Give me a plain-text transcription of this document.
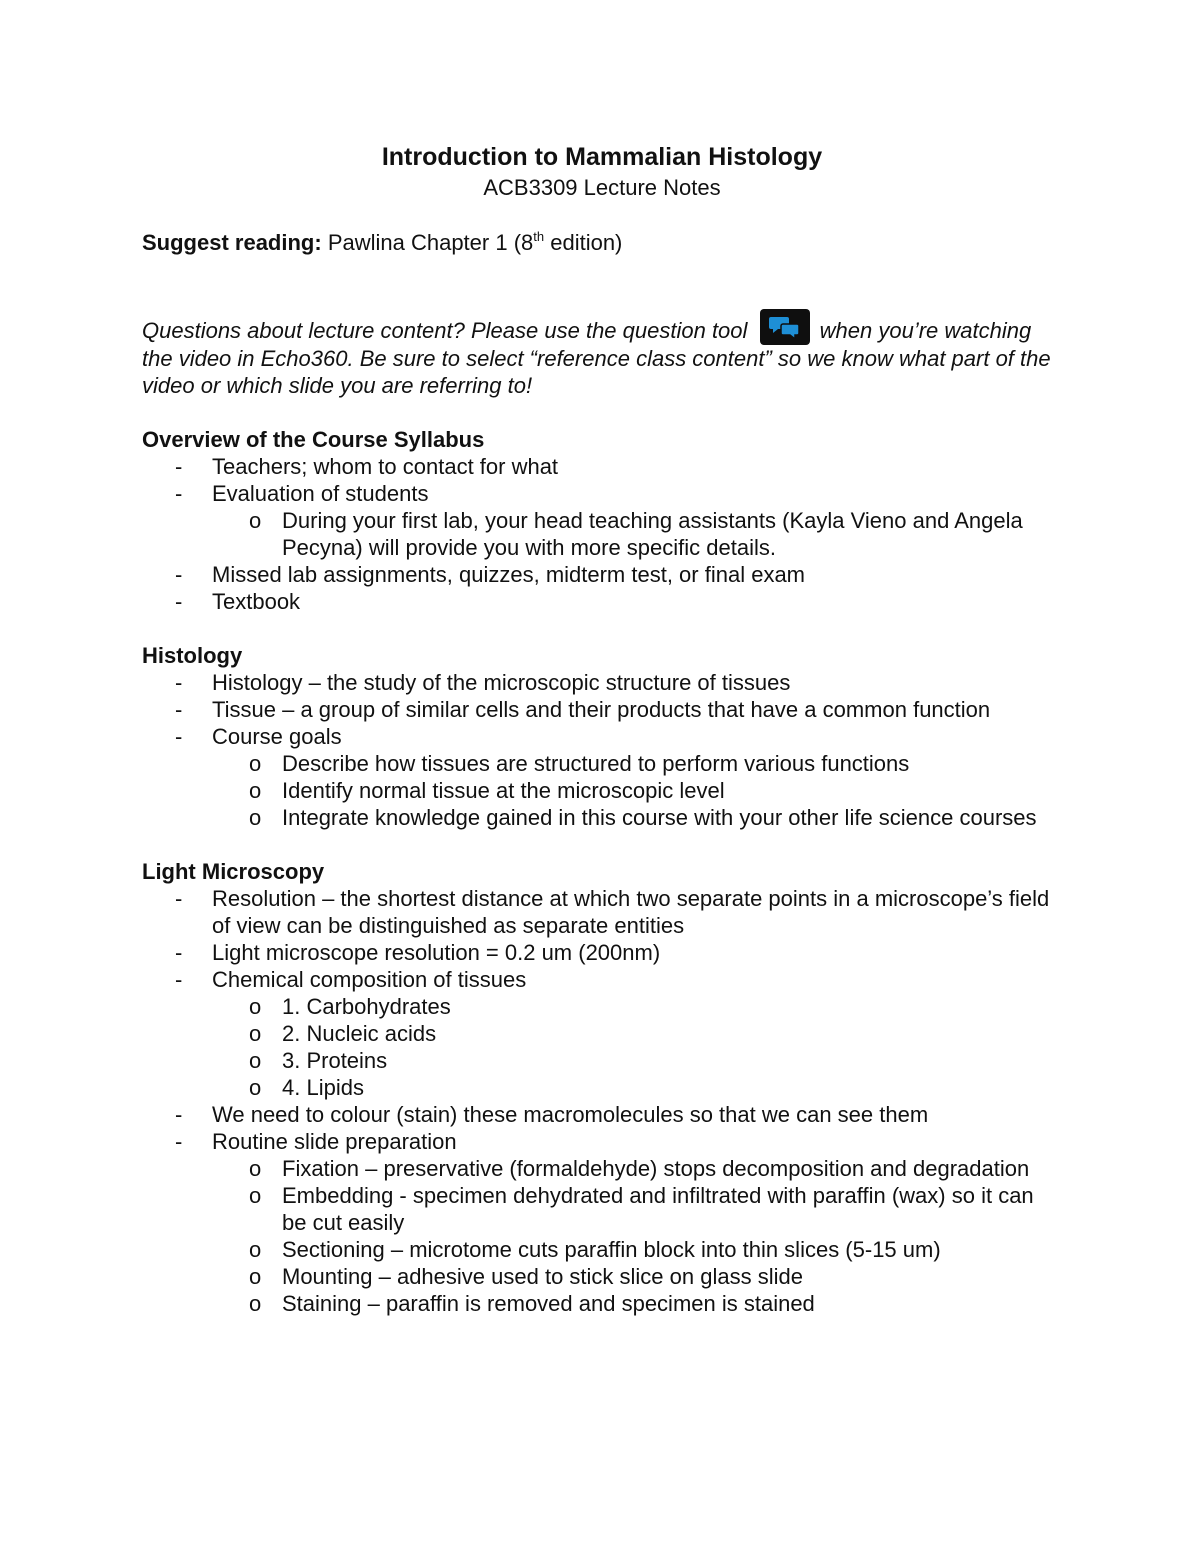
Introduction to Mammalian Histology

ACB3309 Lecture Notes

Suggest reading: Pawlina Chapter 1 (8th edition)
Questions about lecture content? Please use the question tool	when you’re watching the video in Echo360. Be sure to select “reference class content” so we know what part of the video or which slide you are referring to!
Overview of the Course Syllabus
- Teachers; whom to contact for what
- Evaluation of students
o During your first lab, your head teaching assistants (Kayla Vieno and Angela Pecyna) will provide you with more specific details.
- Missed lab assignments, quizzes, midterm test, or final exam
- Textbook
Histology
- Histology – the study of the microscopic structure of tissues
- Tissue – a group of similar cells and their products that have a common function
- Course goals
o Describe how tissues are structured to perform various functions
o Identify normal tissue at the microscopic level
o Integrate knowledge gained in this course with your other life science courses
Light Microscopy
- Resolution – the shortest distance at which two separate points in a microscope’s field of view can be distinguished as separate entities
- Light microscope resolution = 0.2 um (200nm)
- Chemical composition of tissues
o 1. Carbohydrates
o 2. Nucleic acids
o 3. Proteins
o 4. Lipids
- We need to colour (stain) these macromolecules so that we can see them
- Routine slide preparation
o Fixation – preservative (formaldehyde) stops decomposition and degradation
o Embedding - specimen dehydrated and infiltrated with paraffin (wax) so it can be cut easily
o Sectioning – microtome cuts paraffin block into thin slices (5-15 um)
o Mounting – adhesive used to stick slice on glass slide
o Staining – paraffin is removed and specimen is stained
